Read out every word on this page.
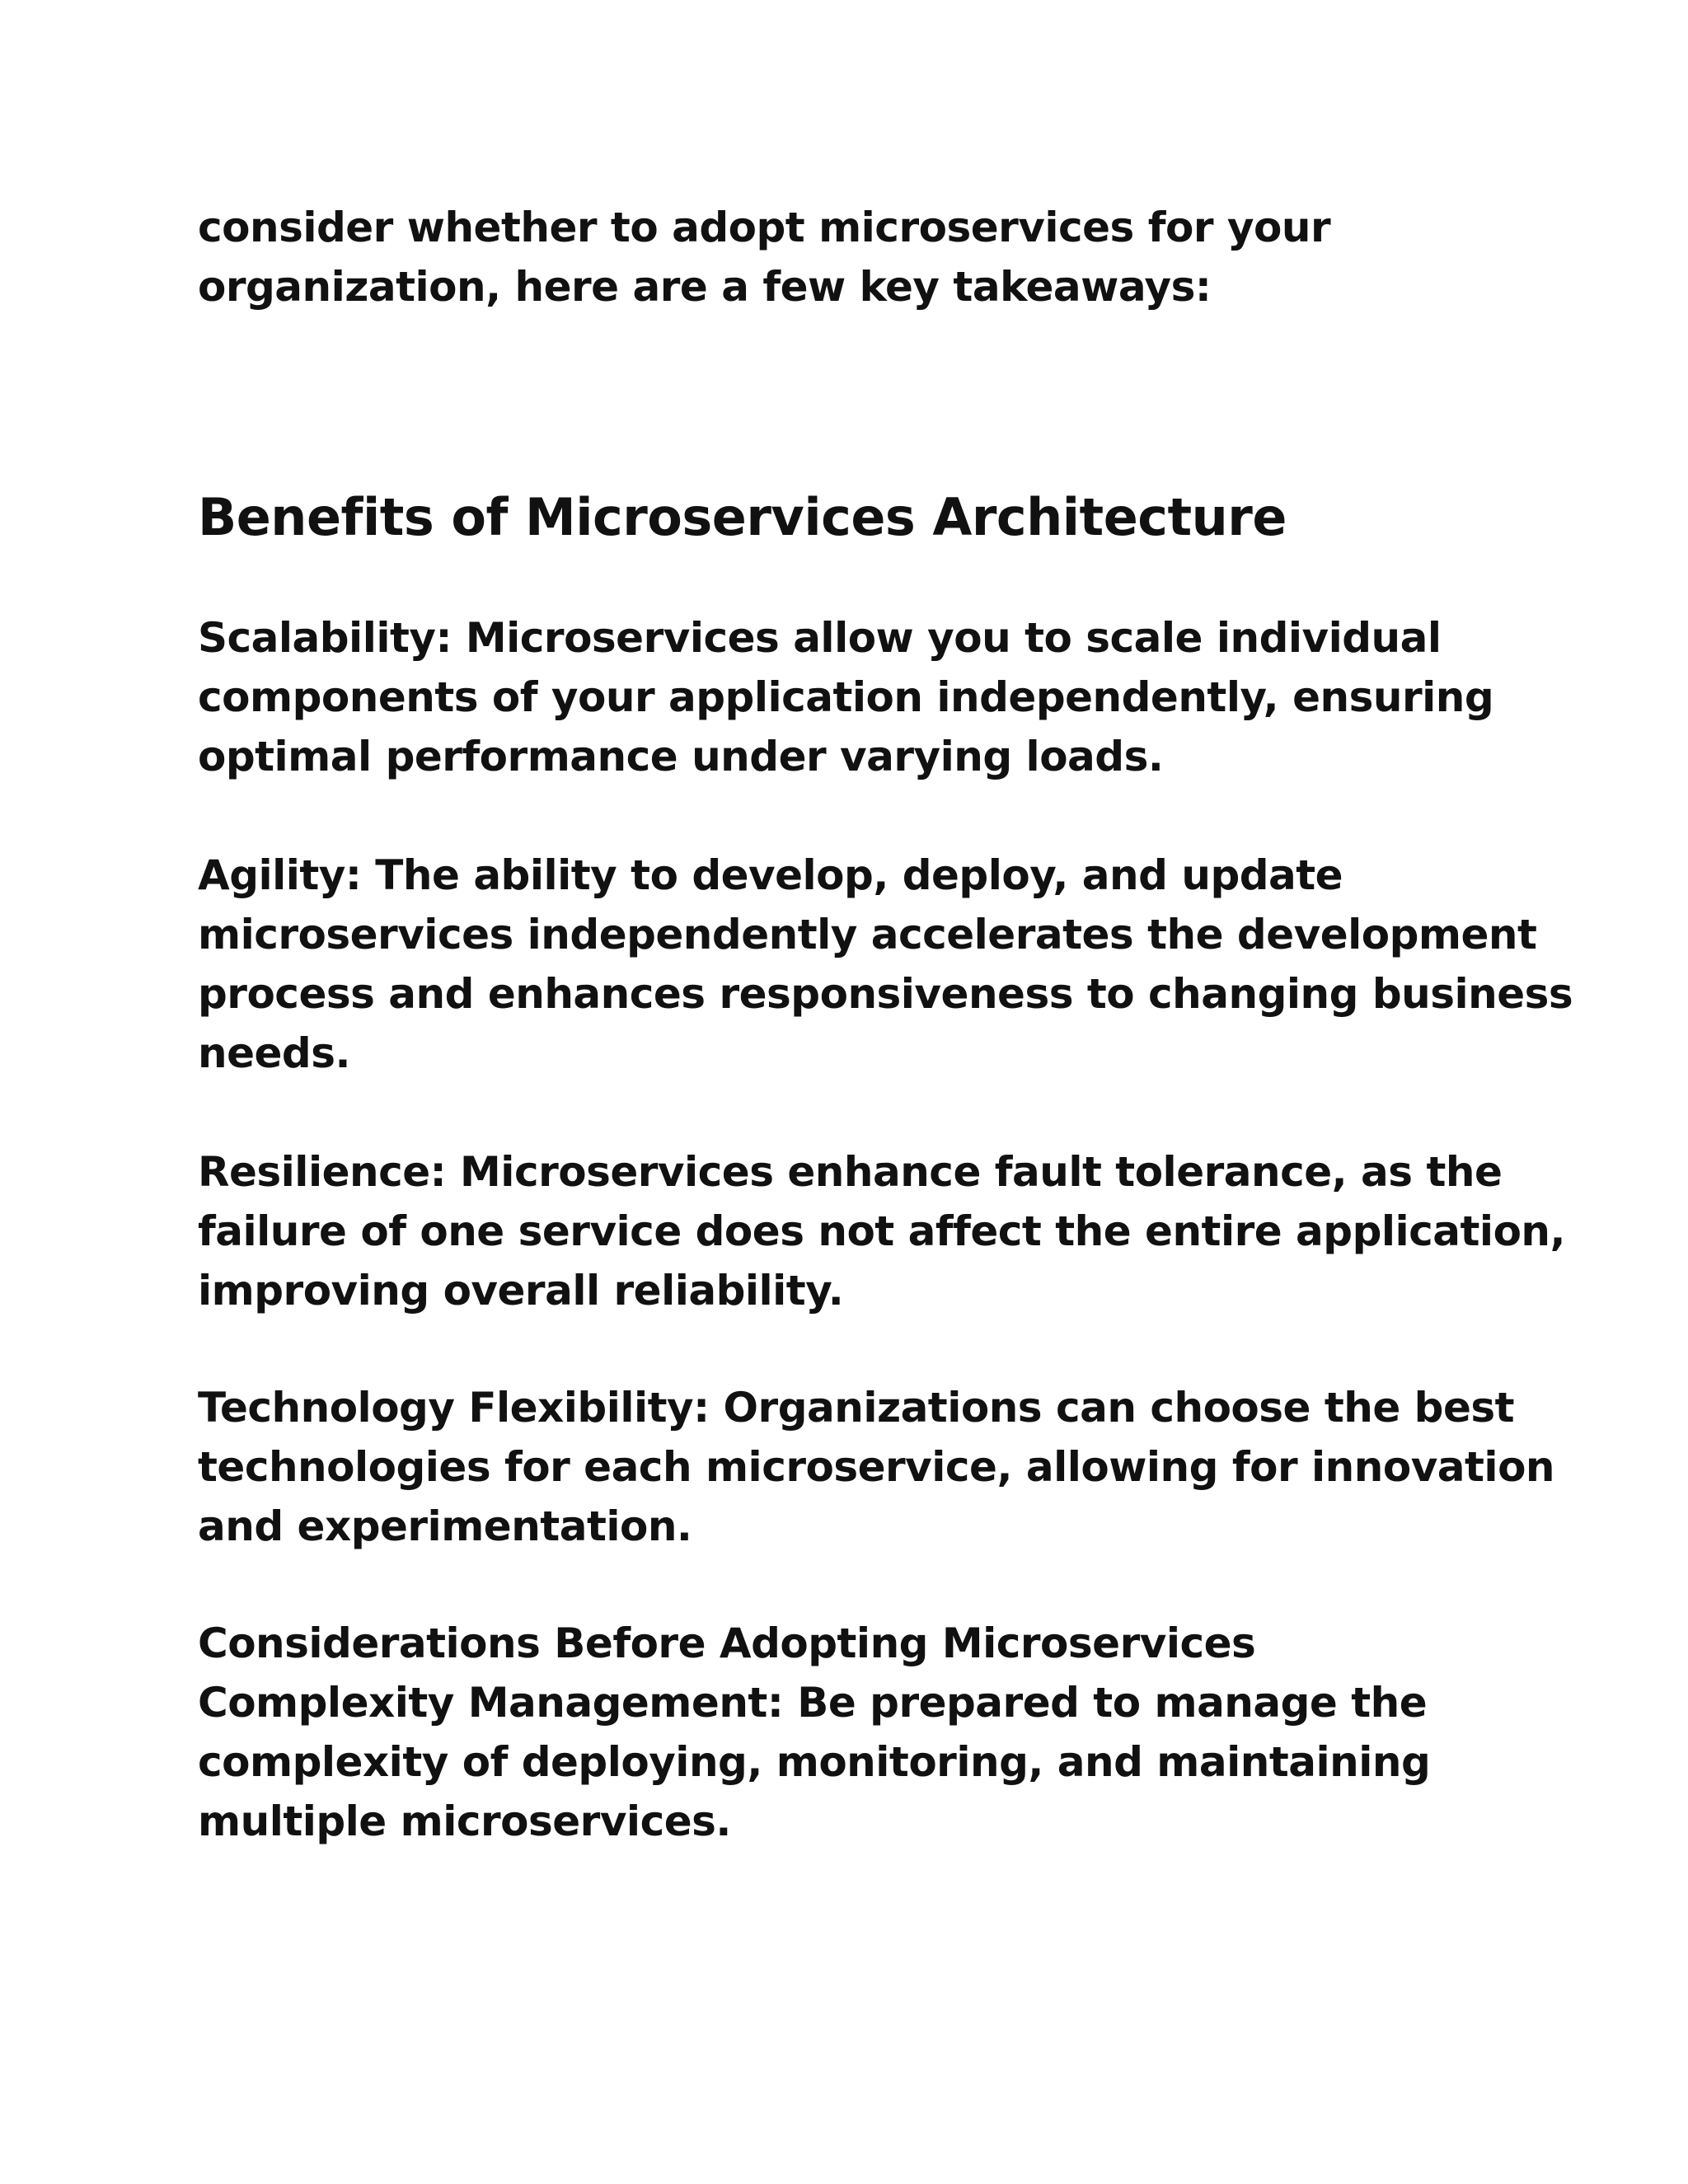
consider whether to adopt microservices for your
organization, here are a few key takeaways:

Benefits of Microservices Architecture

Scalability: Microservices allow you to scale individual
components of your application independently, ensuring
optimal performance under varying loads.

Agility: The ability to develop, deploy, and update
microservices independently accelerates the development
process and enhances responsiveness to changing business
needs.

Resilience: Microservices enhance fault tolerance, as the
failure of one service does not affect the entire application,
improving overall reliability.

Technology Flexibility: Organizations can choose the best
technologies for each microservice, allowing for innovation
and experimentation.

Considerations Before Adopting Microservices
Complexity Management: Be prepared to manage the
complexity of deploying, monitoring, and maintaining
multiple microservices.
